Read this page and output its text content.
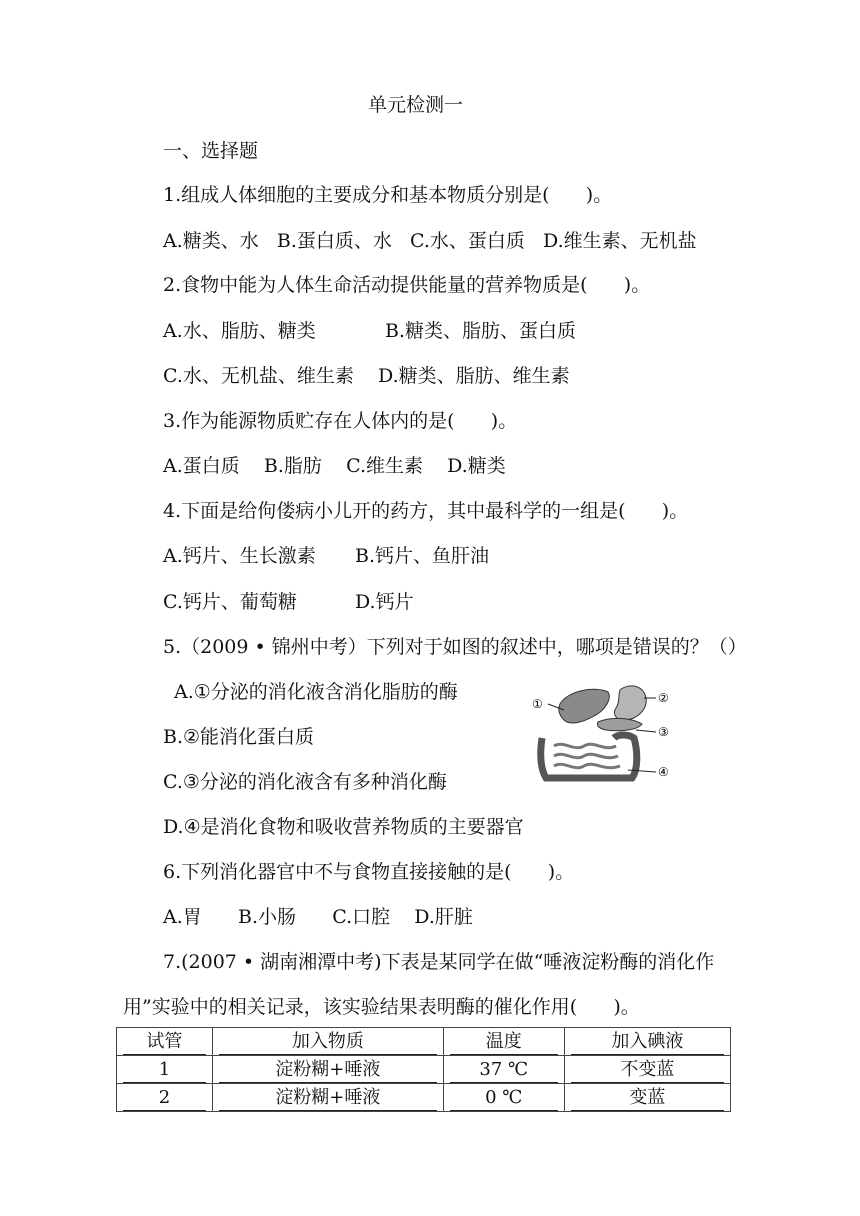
单元检测一
一、选择题
1.组成人体细胞的主要成分和基本物质分别是(      )。
A.糖类、水   B.蛋白质、水   C.水、蛋白质   D.维生素、无机盐
2.食物中能为人体生命活动提供能量的营养物质是(      )。
A.水、脂肪、糖类	B.糖类、脂肪、蛋白质
C.水、无机盐、维生素    D.糖类、脂肪、维生素
3.作为能源物质贮存在人体内的是(      )。
A.蛋白质    B.脂肪    C.维生素    D.糖类
4.下面是给佝偻病小儿开的药方，其中最科学的一组是(      )。
A.钙片、生长激素 B.钙片、鱼肝油
C.钙片、葡萄糖	D.钙片
5.（2009 • 锦州中考）下列对于如图的叙述中，哪项是错误的？（）
A.①分泌的消化液含消化脂肪的酶
B.②能消化蛋白质
C.③分泌的消化液含有多种消化酶
D.④是消化食物和吸收营养物质的主要器官
6.下列消化器官中不与食物直接接触的是(      )。
A.胃      B.小肠      C.口腔    D.肝脏
7.(2007 • 湖南湘潭中考)下表是某同学在做“唾液淀粉酶的消化作
用”实验中的相关记录，该实验结果表明酶的催化作用(      )。
①	②
③
④
试管	加入物质	温度	加入碘液
1	淀粉糊+唾液	37 ℃	不变蓝
2	淀粉糊+唾液	0 ℃	变蓝
